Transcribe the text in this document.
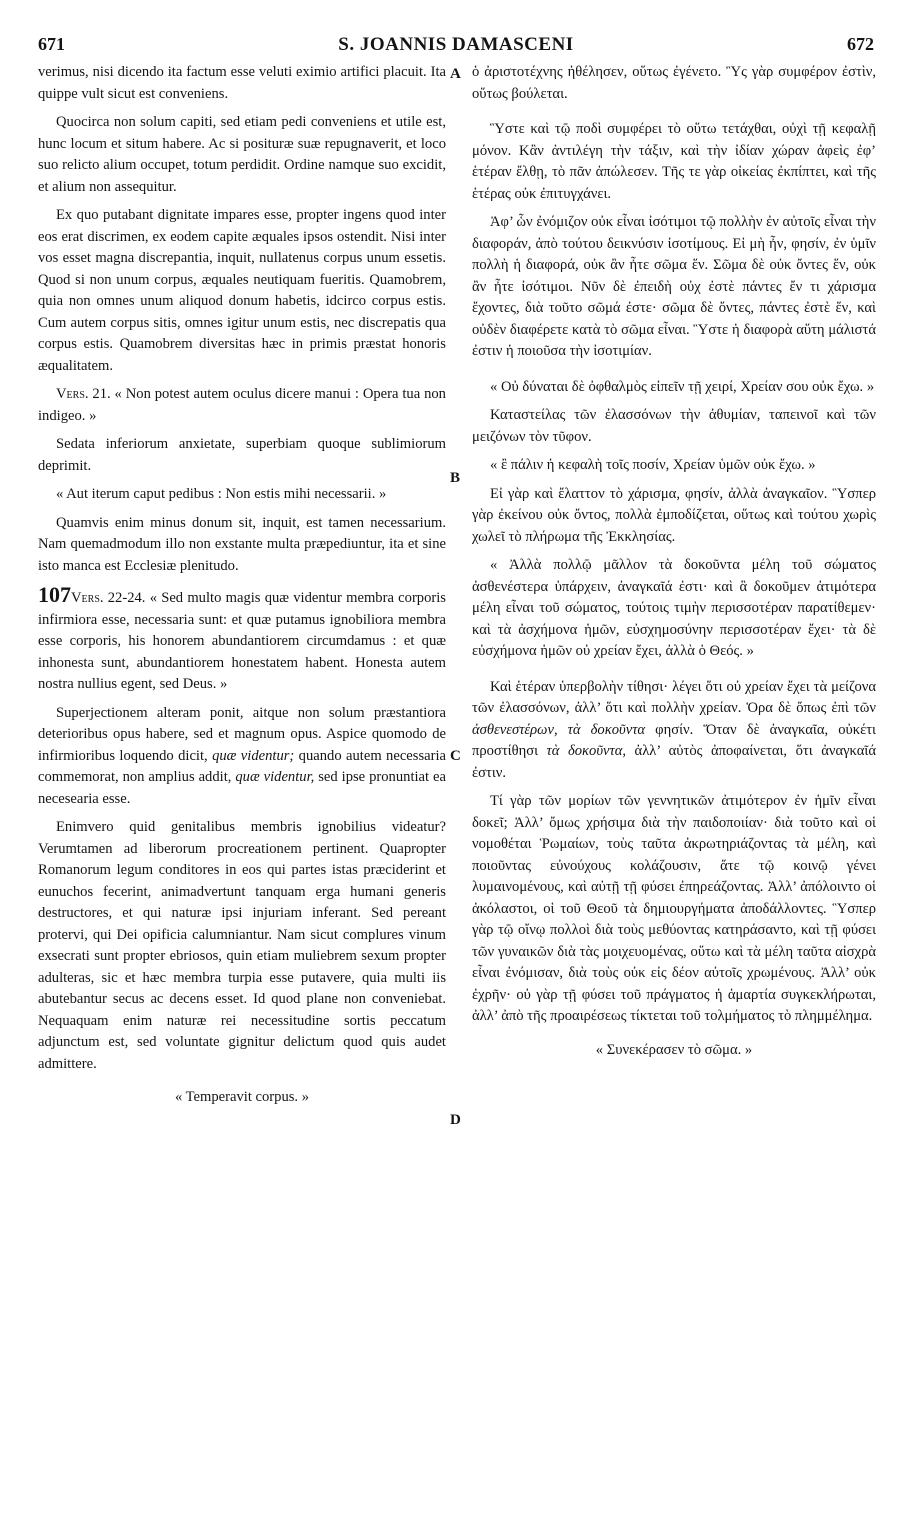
671	S. JOANNIS DAMASCENI	672
A
B
C
D

verimus, nisi dicendo ita factum esse veluti eximio artifici placuit. Ita quippe vult sicut est conveniens.

Quocirca non solum capiti, sed etiam pedi conveniens et utile est, hunc locum et situm habere. Ac si posituræ suæ repugnaverit, et loco suo relicto alium occupet, totum perdidit. Ordine namque suo excidit, et alium non assequitur.

Ex quo putabant dignitate impares esse, propter ingens quod inter eos erat discrimen, ex eodem capite æquales ipsos ostendit. Nisi inter vos esset magna discrepantia, inquit, nullatenus corpus unum essetis. Quod si non unum corpus, æquales neutiquam fueritis. Quamobrem, quia non omnes unum aliquod donum habetis, idcirco corpus estis. Cum autem corpus sitis, omnes igitur unum estis, nec discrepatis qua corpus estis. Quamobrem diversitas hæc in primis præstat honoris æqualitatem.

Vers. 21. « Non potest autem oculus dicere manui : Opera tua non indigeo. »

Sedata inferiorum anxietate, superbiam quoque sublimiorum deprimit.

« Aut iterum caput pedibus : Non estis mihi necessarii. »

Quamvis enim minus donum sit, inquit, est tamen necessarium. Nam quemadmodum illo non exstante multa præpediuntur, ita et sine isto manca est Ecclesiæ plenitudo.

107Vers. 22-24. « Sed multo magis quæ videntur membra corporis infirmiora esse, necessaria sunt: et quæ putamus ignobiliora membra esse corporis, his honorem abundantiorem circumdamus : et quæ inhonesta sunt, abundantiorem honestatem habent. Honesta autem nostra nullius egent, sed Deus. »

Superjectionem alteram ponit, aitque non solum præstantiora deterioribus opus habere, sed et magnum opus. Aspice quomodo de infirmioribus loquendo dicit, quæ videntur; quando autem necessaria commemorat, non amplius addit, quæ videntur, sed ipse pronuntiat ea necesearia esse.

Enimvero quid genitalibus membris ignobilius videatur? Verumtamen ad liberorum procreationem pertinent. Quapropter Romanorum legum conditores in eos qui partes istas præciderint et eunuchos fecerint, animadvertunt tanquam erga humani generis destructores, et qui naturæ ipsi injuriam inferant. Sed pereant protervi, qui Dei opificia calumniantur. Nam sicut complures vinum exsecrati sunt propter ebriosos, quin etiam muliebrem sexum propter adulteras, sic et hæc membra turpia esse putavere, quia multi iis abutebantur secus ac decens esset. Id quod plane non conveniebat. Nequaquam enim naturæ rei necessitudine sortis peccatum adjunctum est, sed voluntate gignitur delictum quod quis audet admittere.

« Temperavit corpus. »

ὁ ἀριστοτέχνης ἠθέλησεν, οὕτως ἐγένετο. Ὓς γὰρ συμφέρον ἐστὶν, οὕτως βούλεται.

Ὓστε καὶ τῷ ποδὶ συμφέρει τὸ οὕτω τετάχθαι, οὐχὶ τῇ κεφαλῇ μόνον. Κἂν ἀντιλέγη τὴν τάξιν, καὶ τὴν ἰδίαν χώραν ἀφεὶς ἐφ’ ἑτέραν ἔλθῃ, τὸ πᾶν ἀπώλεσεν. Τῆς τε γὰρ οἰκείας ἐκπίπτει, καὶ τῆς ἑτέρας οὐκ ἐπιτυγχάνει.

Ἀφ’ ὧν ἐνόμιζον οὐκ εἶναι ἰσότιμοι τῷ πολλὴν ἐν αὐτοῖς εἶναι τὴν διαφοράν, ἀπὸ τούτου δεικνύσιν ἰσοτίμους. Εἰ μὴ ἦν, φησίν, ἐν ὑμῖν πολλὴ ἡ διαφορά, οὐκ ἂν ἦτε σῶμα ἕν. Σῶμα δὲ οὐκ ὄντες ἕν, οὐκ ἂν ἦτε ἰσότιμοι. Νῦν δὲ ἐπειδὴ οὐχ ἐστὲ πάντες ἔν τι χάρισμα ἔχοντες, διὰ τοῦτο σῶμά ἐστε· σῶμα δὲ ὄντες, πάντες ἐστὲ ἕν, καὶ οὐδὲν διαφέρετε κατὰ τὸ σῶμα εἶναι. Ὓστε ἡ διαφορὰ αὕτη μάλιστά ἐστιν ἡ ποιοῦσα τὴν ἰσοτιμίαν.

« Οὐ δύναται δὲ ὀφθαλμὸς εἰπεῖν τῇ χειρί, Χρείαν σου οὐκ ἔχω. »

Καταστείλας τῶν ἐλασσόνων τὴν ἀθυμίαν, ταπεινοῖ καὶ τῶν μειζόνων τὸν τῦφον.

« ἒ πάλιν ἡ κεφαλὴ τοῖς ποσίν, Χρείαν ὑμῶν οὐκ ἔχω. »

Εἰ γὰρ καὶ ἔλαττον τὸ χάρισμα, φησίν, ἀλλὰ ἀναγκαῖον. Ὓσπερ γὰρ ἐκείνου οὐκ ὄντος, πολλὰ ἐμποδίζεται, οὕτως καὶ τούτου χωρὶς χωλεῖ τὸ πλήρωμα τῆς Ἐκκλησίας.

« Ἀλλὰ πολλῷ μᾶλλον τὰ δοκοῦντα μέλη τοῦ σώματος ἀσθενέστερα ὑπάρχειν, ἀναγκαῖά ἐστι· καὶ ἃ δοκοῦμεν ἀτιμότερα μέλη εἶναι τοῦ σώματος, τούτοις τιμὴν περισσοτέραν παρατίθεμεν· καὶ τὰ ἀσχήμονα ἡμῶν, εὐσχημοσύνην περισσοτέραν ἔχει· τὰ δὲ εὐσχήμονα ἡμῶν οὐ χρείαν ἔχει, ἀλλὰ ὁ Θεός. »

Καὶ ἑτέραν ὑπερβολὴν τίθησι· λέγει ὅτι οὐ χρείαν ἔχει τὰ μείζονα τῶν ἐλασσόνων, ἀλλ’ ὅτι καὶ πολλὴν χρείαν. Ὁρα δὲ ὄπως ἐπὶ τῶν ἀσθενεστέρων, τὰ δοκοῦντα φησίν. Ὅταν δὲ ἀναγκαῖα, οὐκέτι προστίθησι τὰ δοκοῦντα, ἀλλ’ αὐτὸς ἀποφαίνεται, ὅτι ἀναγκαῖά ἐστιν.

Τί γὰρ τῶν μορίων τῶν γεννητικῶν ἀτιμότερον ἐν ἡμῖν εἶναι δοκεῖ; Ἀλλ’ ὄμως χρήσιμα διὰ τὴν παιδοποιίαν· διὰ τοῦτο καὶ οἱ νομοθέται Ῥωμαίων, τοὺς ταῦτα ἀκρωτηριάζοντας τὰ μέλη, καὶ ποιοῦντας εὐνούχους κολάζουσιν, ἅτε τῷ κοινῷ γένει λυμαινομένους, καὶ αὐτῇ τῇ φύσει ἐπηρεάζοντας. Ἀλλ’ ἀπόλοιντο οἱ ἀκόλαστοι, οἱ τοῦ Θεοῦ τὰ δημιουργήματα ἀποδάλλοντες. Ὓσπερ γὰρ τῷ οἴνῳ πολλοὶ διὰ τοὺς μεθύοντας κατηράσαντο, καὶ τῇ φύσει τῶν γυναικῶν διὰ τὰς μοιχευομένας, οὕτω καὶ τὰ μέλη ταῦτα αἰσχρὰ εἶναι ἐνόμισαν, διὰ τοὺς οὐκ εἰς δέον αὐτοῖς χρωμένους. Ἀλλ’ οὐκ ἐχρῆν· οὐ γὰρ τῇ φύσει τοῦ πράγματος ἡ ἁμαρτία συγκεκλήρωται, ἀλλ’ ἀπὸ τῆς προαιρέσεως τίκτεται τοῦ τολμήματος τὸ πλημμέλημα.

« Συνεκέρασεν τὸ σῶμα. »
